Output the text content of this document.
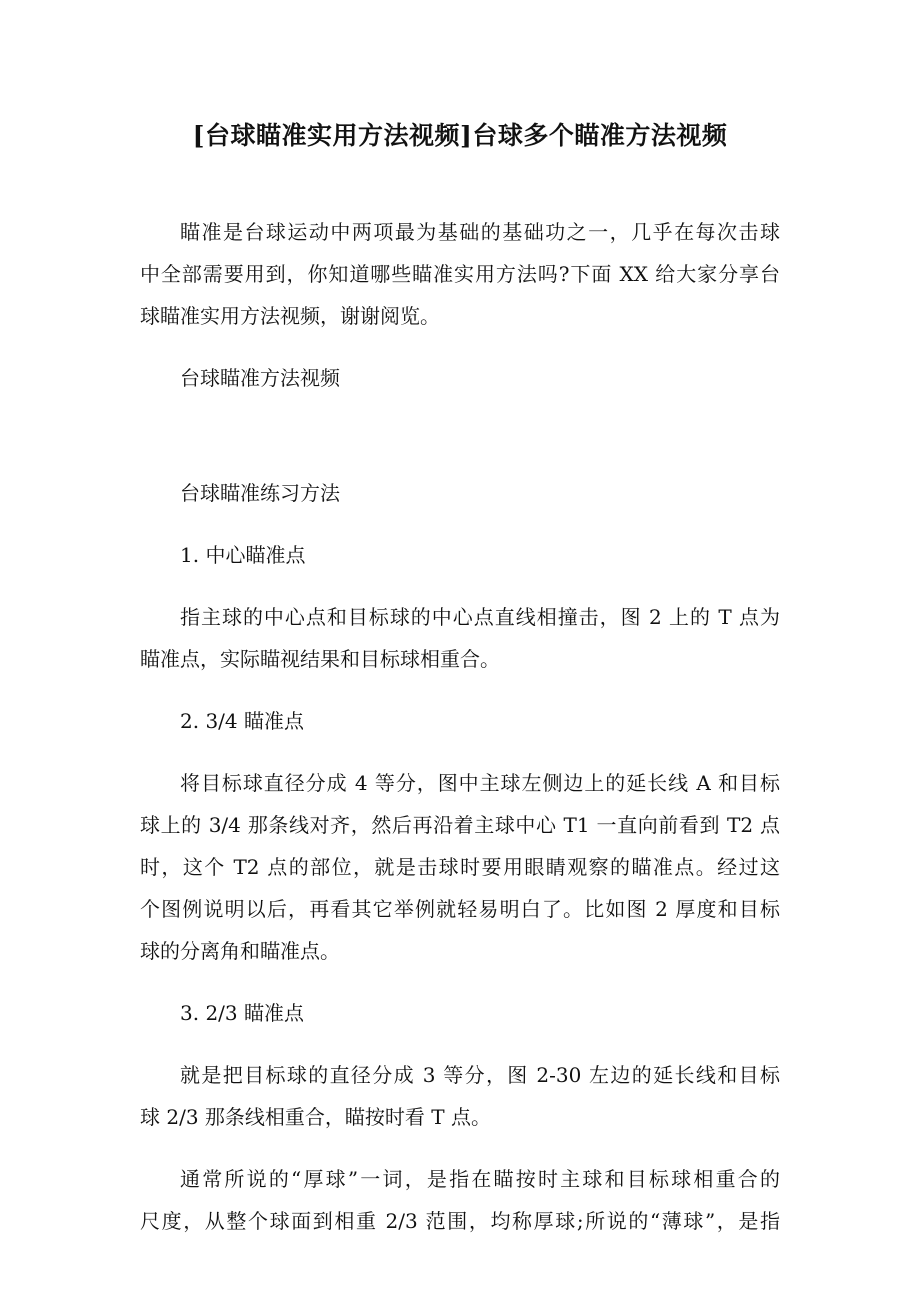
[台球瞄准实用方法视频]台球多个瞄准方法视频
瞄准是台球运动中两项最为基础的基础功之一，几乎在每次击球
中全部需要用到，你知道哪些瞄准实用方法吗?下面 XX 给大家分享台
球瞄准实用方法视频，谢谢阅览。
台球瞄准方法视频
台球瞄准练习方法
1. 中心瞄准点
指主球的中心点和目标球的中心点直线相撞击，图 2 上的 T 点为
瞄准点，实际瞄视结果和目标球相重合。
2. 3/4 瞄准点
将目标球直径分成 4 等分，图中主球左侧边上的延长线 A 和目标
球上的 3/4 那条线对齐，然后再沿着主球中心 T1 一直向前看到 T2 点
时，这个 T2 点的部位，就是击球时要用眼睛观察的瞄准点。经过这
个图例说明以后，再看其它举例就轻易明白了。比如图 2 厚度和目标
球的分离角和瞄准点。
3. 2/3 瞄准点
就是把目标球的直径分成 3 等分，图 2-30 左边的延长线和目标
球 2/3 那条线相重合，瞄按时看 T 点。
通常所说的“厚球”一词，是指在瞄按时主球和目标球相重合的
尺度，从整个球面到相重 2/3 范围，均称厚球;所说的“薄球”，是指
